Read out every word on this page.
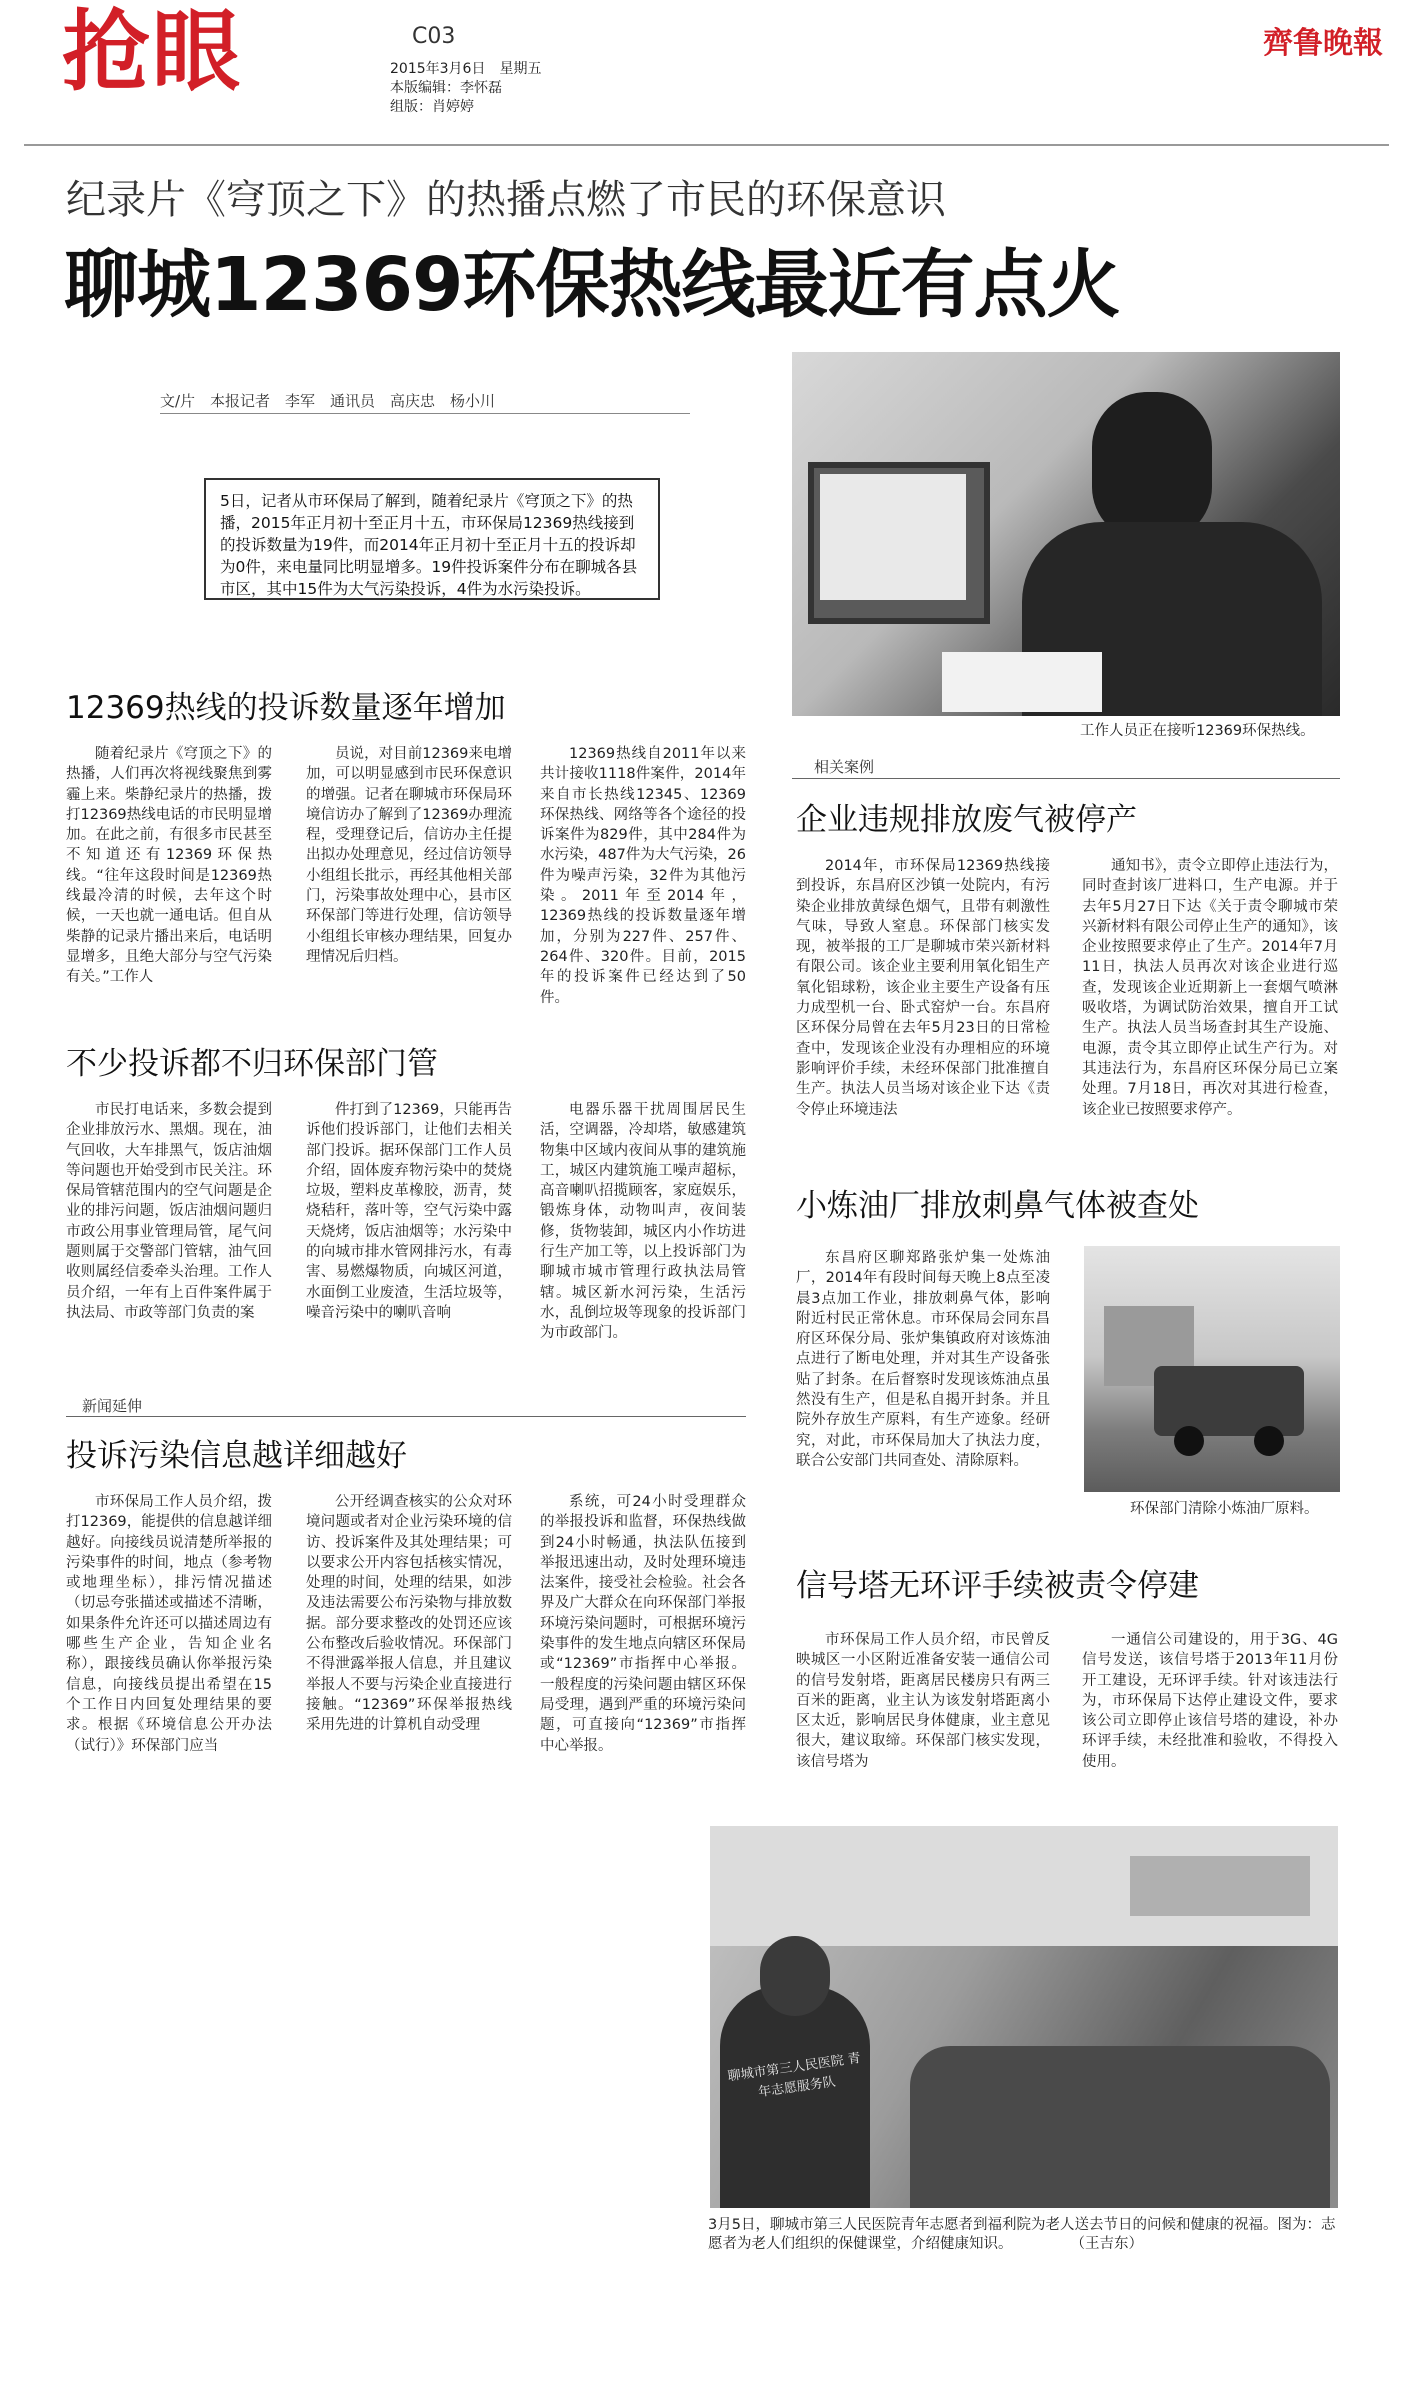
抢眼	C03
2015年3月6日　星期五
本版编辑：李怀磊
组版：肖婷婷
齊鲁晚報
纪录片《穹顶之下》的热播点燃了市民的环保意识
聊城12369环保热线最近有点火
文/片　本报记者　李军　通讯员　高庆忠　杨小川
5日，记者从市环保局了解到，随着纪录片《穹顶之下》的热播，2015年正月初十至正月十五，市环保局12369热线接到的投诉数量为19件，而2014年正月初十至正月十五的投诉却为0件，来电量同比明显增多。19件投诉案件分布在聊城各县市区，其中15件为大气污染投诉，4件为水污染投诉。
工作人员正在接听12369环保热线。
12369热线的投诉数量逐年增加

随着纪录片《穹顶之下》的热播，人们再次将视线聚焦到雾霾上来。柴静纪录片的热播，拨打12369热线电话的市民明显增加。在此之前，有很多市民甚至不知道还有12369环保热线。“往年这段时间是12369热线最冷清的时候，去年这个时候，一天也就一通电话。但自从柴静的记录片播出来后，电话明显增多，且绝大部分与空气污染有关。”工作人

员说，对目前12369来电增加，可以明显感到市民环保意识的增强。记者在聊城市环保局环境信访办了解到了12369办理流程，受理登记后，信访办主任提出拟办处理意见，经过信访领导小组组长批示，再经其他相关部门，污染事故处理中心，县市区环保部门等进行处理，信访领导小组组长审核办理结果，回复办理情况后归档。

12369热线自2011年以来共计接收1118件案件，2014年来自市长热线12345、12369环保热线、网络等各个途径的投诉案件为829件，其中284件为水污染，487件为大气污染，26件为噪声污染，32件为其他污染。2011年至2014年，12369热线的投诉数量逐年增加，分别为227件、257件、264件、320件。目前，2015年的投诉案件已经达到了50件。

不少投诉都不归环保部门管

市民打电话来，多数会提到企业排放污水、黑烟。现在，油气回收，大车排黑气，饭店油烟等问题也开始受到市民关注。环保局管辖范围内的空气问题是企业的排污问题，饭店油烟问题归市政公用事业管理局管，尾气问题则属于交警部门管辖，油气回收则属经信委牵头治理。工作人员介绍，一年有上百件案件属于执法局、市政等部门负责的案

件打到了12369，只能再告诉他们投诉部门，让他们去相关部门投诉。据环保部门工作人员介绍，固体废弃物污染中的焚烧垃圾，塑料皮革橡胶，沥青，焚烧秸秆，落叶等，空气污染中露天烧烤，饭店油烟等；水污染中的向城市排水管网排污水，有毒害、易燃爆物质，向城区河道，水面倒工业废渣，生活垃圾等，噪音污染中的喇叭音响

电器乐器干扰周围居民生活，空调器，冷却塔，敏感建筑物集中区域内夜间从事的建筑施工，城区内建筑施工噪声超标，高音喇叭招揽顾客，家庭娱乐，锻炼身体，动物叫声，夜间装修，货物装卸，城区内小作坊进行生产加工等，以上投诉部门为聊城市城市管理行政执法局管辖。城区新水河污染，生活污水，乱倒垃圾等现象的投诉部门为市政部门。

新闻延伸
投诉污染信息越详细越好

市环保局工作人员介绍，拨打12369，能提供的信息越详细越好。向接线员说清楚所举报的污染事件的时间，地点（参考物或地理坐标），排污情况描述（切忌夸张描述或描述不清晰，如果条件允许还可以描述周边有哪些生产企业，告知企业名称），跟接线员确认你举报污染信息，向接线员提出希望在15个工作日内回复处理结果的要求。根据《环境信息公开办法（试行）》环保部门应当

公开经调查核实的公众对环境问题或者对企业污染环境的信访、投诉案件及其处理结果；可以要求公开内容包括核实情况，处理的时间，处理的结果，如涉及违法需要公布污染物与排放数据。部分要求整改的处罚还应该公布整改后验收情况。环保部门不得泄露举报人信息，并且建议举报人不要与污染企业直接进行接触。“12369”环保举报热线采用先进的计算机自动受理

系统，可24小时受理群众的举报投诉和监督，环保热线做到24小时畅通，执法队伍接到举报迅速出动，及时处理环境违法案件，接受社会检验。社会各界及广大群众在向环保部门举报环境污染问题时，可根据环境污染事件的发生地点向辖区环保局或“12369”市指挥中心举报。一般程度的污染问题由辖区环保局受理，遇到严重的环境污染问题，可直接向“12369”市指挥中心举报。

相关案例
企业违规排放废气被停产

2014年，市环保局12369热线接到投诉，东昌府区沙镇一处院内，有污染企业排放黄绿色烟气，且带有刺激性气味，导致人窒息。环保部门核实发现，被举报的工厂是聊城市荣兴新材料有限公司。该企业主要利用氧化铝生产氧化铝球粉，该企业主要生产设备有压力成型机一台、卧式窑炉一台。东昌府区环保分局曾在去年5月23日的日常检查中，发现该企业没有办理相应的环境影响评价手续，未经环保部门批准擅自生产。执法人员当场对该企业下达《责令停止环境违法

通知书》，责令立即停止违法行为，同时查封该厂进料口，生产电源。并于去年5月27日下达《关于责令聊城市荣兴新材料有限公司停止生产的通知》，该企业按照要求停止了生产。2014年7月11日，执法人员再次对该企业进行巡查，发现该企业近期新上一套烟气喷淋吸收塔，为调试防治效果，擅自开工试生产。执法人员当场查封其生产设施、电源，责令其立即停止试生产行为。对其违法行为，东昌府区环保分局已立案处理。7月18日，再次对其进行检查，该企业已按照要求停产。

小炼油厂排放刺鼻气体被查处

东昌府区聊郑路张炉集一处炼油厂，2014年有段时间每天晚上8点至凌晨3点加工作业，排放刺鼻气体，影响附近村民正常休息。市环保局会同东昌府区环保分局、张炉集镇政府对该炼油点进行了断电处理，并对其生产设备张贴了封条。在后督察时发现该炼油点虽然没有生产，但是私自揭开封条。并且院外存放生产原料，有生产迹象。经研究，对此，市环保局加大了执法力度，联合公安部门共同查处、清除原料。

环保部门清除小炼油厂原料。
信号塔无环评手续被责令停建

市环保局工作人员介绍，市民曾反映城区一小区附近准备安装一通信公司的信号发射塔，距离居民楼房只有两三百米的距离，业主认为该发射塔距离小区太近，影响居民身体健康，业主意见很大，建议取缔。环保部门核实发现，该信号塔为

一通信公司建设的，用于3G、4G信号发送，该信号塔于2013年11月份开工建设，无环评手续。针对该违法行为，市环保局下达停止建设文件，要求该公司立即停止该信号塔的建设，补办环评手续，未经批准和验收，不得投入使用。

聊城市第三人民医院 青年志愿服务队
3月5日，聊城市第三人民医院青年志愿者到福利院为老人送去节日的问候和健康的祝福。图为：志愿者为老人们组织的保健课堂，介绍健康知识。　　　　　（王吉东）
